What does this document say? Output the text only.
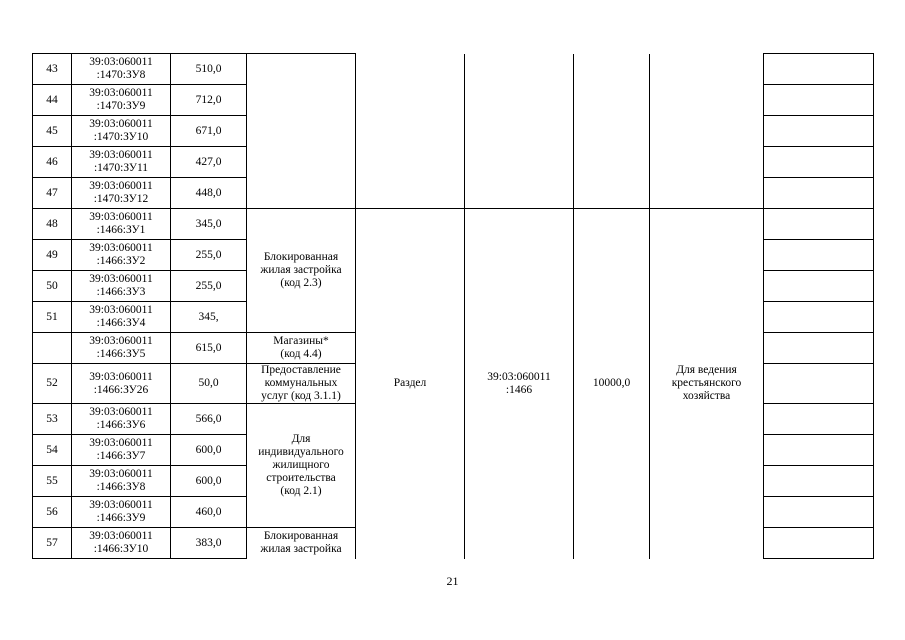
43	39:03:060011
:1470:ЗУ8	510,0						
44	39:03:060011
:1470:ЗУ9	712,0						
45	39:03:060011
:1470:ЗУ10	671,0						
46	39:03:060011
:1470:ЗУ11	427,0						
47	39:03:060011
:1470:ЗУ12	448,0						
48	39:03:060011
:1466:ЗУ1	345,0	Блокированная
жилая застройка
(код 2.3)	Раздел	39:03:060011
:1466	10000,0	Для ведения
крестьянского
хозяйства	
49	39:03:060011
:1466:ЗУ2	255,0						
50	39:03:060011
:1466:ЗУ3	255,0						
51	39:03:060011
:1466:ЗУ4	345,						
	39:03:060011
:1466:ЗУ5	615,0	Магазины*
(код 4.4)					
52	39:03:060011
:1466:ЗУ26	50,0	Предоставление
коммунальных
услуг (код 3.1.1)					
53	39:03:060011
:1466:ЗУ6	566,0	Для
индивидуального
жилищного
строительства
(код 2.1)					
54	39:03:060011
:1466:ЗУ7	600,0						
55	39:03:060011
:1466:ЗУ8	600,0						
56	39:03:060011
:1466:ЗУ9	460,0						
57	39:03:060011
:1466:ЗУ10	383,0	Блокированная
жилая застройка					
21
